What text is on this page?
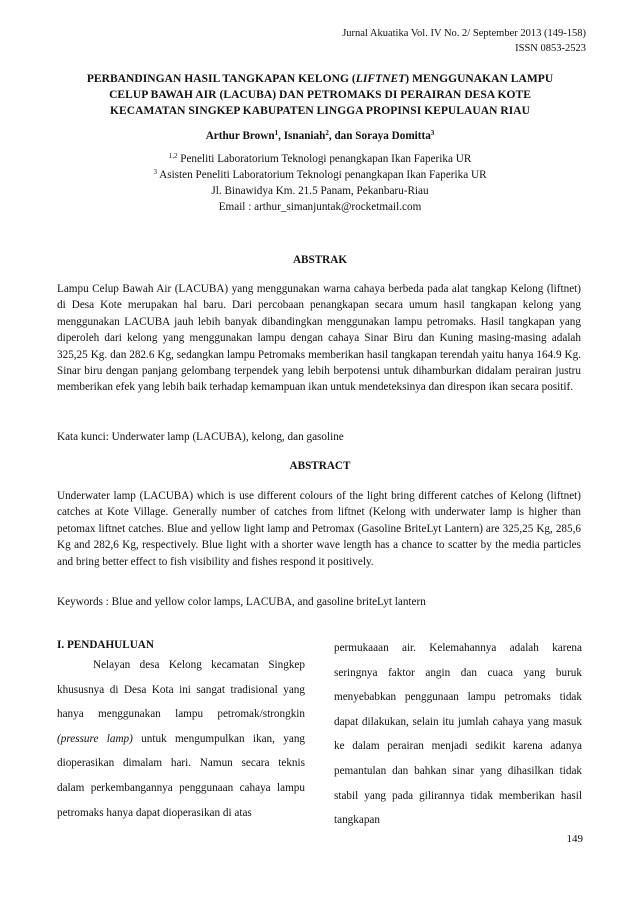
Jurnal Akuatika Vol. IV No. 2/ September 2013 (149-158)
ISSN 0853-2523
PERBANDINGAN HASIL TANGKAPAN KELONG (LIFTNET) MENGGUNAKAN LAMPU
CELUP BAWAH AIR (LACUBA) DAN PETROMAKS DI PERAIRAN DESA KOTE
KECAMATAN SINGKEP KABUPATEN LINGGA PROPINSI KEPULAUAN RIAU
Arthur Brown$^1$, Isnaniah$^2$, dan Soraya Domitta$^3$
$^{1,2}$ Peneliti Laboratorium Teknologi penangkapan Ikan Faperika UR
$^3$ Asisten Peneliti Laboratorium Teknologi penangkapan Ikan Faperika UR
Jl. Binawidya Km. 21.5 Panam, Pekanbaru-Riau
Email : arthur_simanjuntak@rocketmail.com
ABSTRAK
Lampu Celup Bawah Air (LACUBA) yang menggunakan warna cahaya berbeda pada alat tangkap Kelong (liftnet) di Desa Kote merupakan hal baru. Dari percobaan penangkapan secara umum hasil tangkapan kelong yang menggunakan LACUBA jauh lebih banyak dibandingkan menggunakan lampu petromaks. Hasil tangkapan yang diperoleh dari kelong yang menggunakan lampu dengan cahaya Sinar Biru dan Kuning masing-masing adalah 325,25 Kg. dan 282.6 Kg, sedangkan lampu Petromaks memberikan hasil tangkapan terendah yaitu hanya 164.9 Kg. Sinar biru dengan panjang gelombang terpendek yang lebih berpotensi untuk dihamburkan didalam perairan justru memberikan efek yang lebih baik terhadap kemampuan ikan untuk mendeteksinya dan direspon ikan secara positif.
Kata kunci: Underwater lamp (LACUBA), kelong, dan gasoline
ABSTRACT
Underwater lamp (LACUBA) which is use different colours of the light bring different catches of Kelong (liftnet) catches at Kote Village. Generally number of catches from liftnet (Kelong with underwater lamp is higher than petomax liftnet catches. Blue and yellow light lamp and Petromax (Gasoline BriteLyt Lantern) are 325,25 Kg, 285,6 Kg and 282,6 Kg, respectively. Blue light with a shorter wave length has a chance to scatter by the media particles and bring better effect to fish visibility and fishes respond it positively.
Keywords : Blue and yellow color lamps, LACUBA, and gasoline briteLyt lantern
I. PENDAHULUAN
Nelayan desa Kelong kecamatan Singkep khususnya di Desa Kota ini sangat tradisional yang hanya menggunakan lampu petromak/strongkin (pressure lamp) untuk mengumpulkan ikan, yang dioperasikan dimalam hari. Namun secara teknis dalam perkembangannya penggunaan cahaya lampu petromaks hanya dapat dioperasikan di atas
permukaaan air. Kelemahannya adalah karena seringnya faktor angin dan cuaca yang buruk menyebabkan penggunaan lampu petromaks tidak dapat dilakukan, selain itu jumlah cahaya yang masuk ke dalam perairan menjadi sedikit karena adanya pemantulan dan bahkan sinar yang dihasilkan tidak stabil yang pada gilirannya tidak memberikan hasil tangkapan
149
